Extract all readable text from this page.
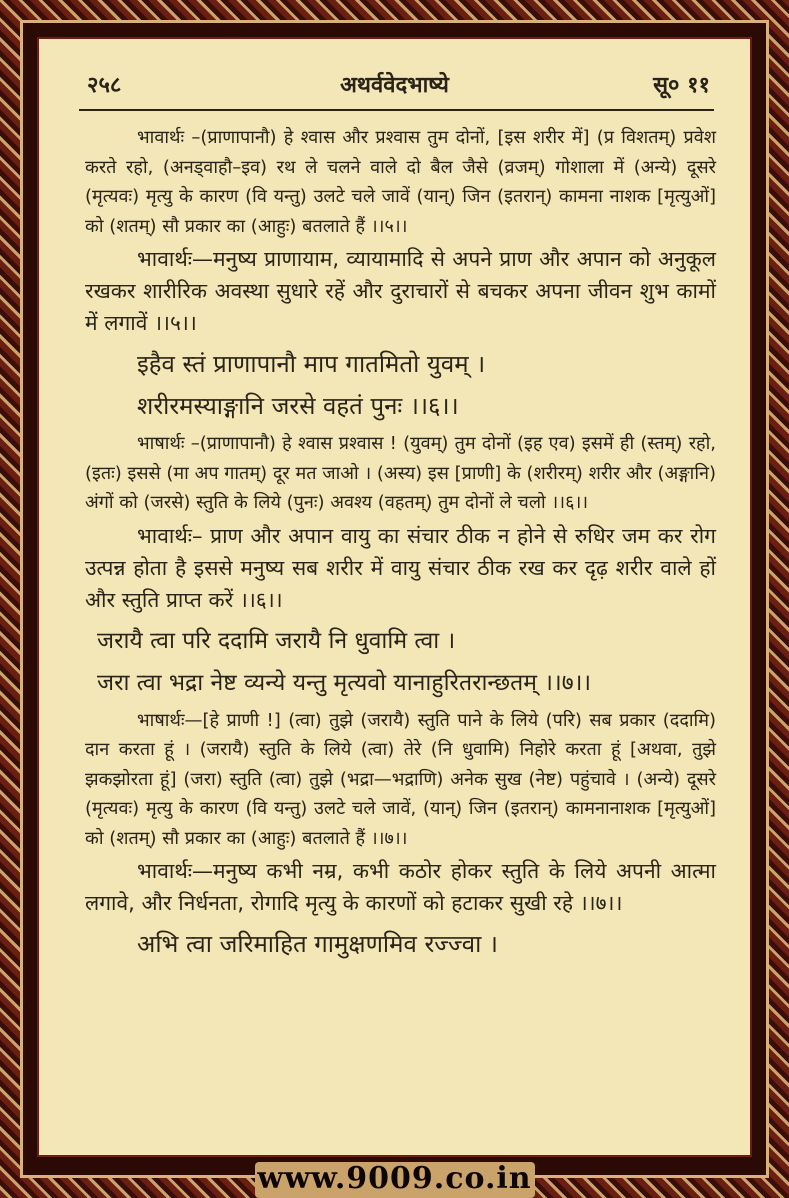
२५८	अथर्ववेदभाष्ये	सू० ११

भावार्थः –(प्राणापानौ) हे श्वास और प्रश्वास तुम दोनों, [इस शरीर में] (प्र विशतम्) प्रवेश करते रहो, (अनड्वाहौ–इव) रथ ले चलने वाले दो बैल जैसे (व्रजम्) गोशाला में (अन्ये) दूसरे (मृत्यवः) मृत्यु के कारण (वि यन्तु) उलटे चले जावें (यान्) जिन (इतरान्) कामना नाशक [मृत्युओं] को (शतम्) सौ प्रकार का (आहुः) बतलाते हैं ।।५।।

भावार्थः—मनुष्य प्राणायाम, व्यायामादि से अपने प्राण और अपान को अनुकूल रखकर शारीरिक अवस्था सुधारे रहें और दुराचारों से बचकर अपना जीवन शुभ कामों में लगावें ।।५।।

इहैव स्तं प्राणापानौ माप गातमितो युवम् ।
शरीरमस्याङ्गानि जरसे वहतं पुनः ।।६।।

भाषार्थः –(प्राणापानौ) हे श्वास प्रश्वास ! (युवम्) तुम दोनों (इह एव) इसमें ही (स्तम्) रहो, (इतः) इससे (मा अप गातम्) दूर मत जाओ । (अस्य) इस [प्राणी] के (शरीरम्) शरीर और (अङ्गानि) अंगों को (जरसे) स्तुति के लिये (पुनः) अवश्य (वहतम्) तुम दोनों ले चलो ।।६।।

भावार्थः– प्राण और अपान वायु का संचार ठीक न होने से रुधिर जम कर रोग उत्पन्न होता है इससे मनुष्य सब शरीर में वायु संचार ठीक रख कर दृढ़ शरीर वाले हों और स्तुति प्राप्त करें ।।६।।

जरायै त्वा परि ददामि जरायै नि धुवामि त्वा ।
जरा त्वा भद्रा नेष्ट व्यन्ये यन्तु मृत्यवो यानाहुरितरान्छतम् ।।७।।

भाषार्थः—[हे प्राणी !] (त्वा) तुझे (जरायै) स्तुति पाने के लिये (परि) सब प्रकार (ददामि) दान करता हूं । (जरायै) स्तुति के लिये (त्वा) तेरे (नि धुवामि) निहोरे करता हूं [अथवा, तुझे झकझोरता हूं] (जरा) स्तुति (त्वा) तुझे (भद्रा—भद्राणि) अनेक सुख (नेष्ट) पहुंचावे । (अन्ये) दूसरे (मृत्यवः) मृत्यु के कारण (वि यन्तु) उलटे चले जावें, (यान्) जिन (इतरान्) कामनानाशक [मृत्युओं] को (शतम्) सौ प्रकार का (आहुः) बतलाते हैं ।।७।।

भावार्थः—मनुष्य कभी नम्र, कभी कठोर होकर स्तुति के लिये अपनी आत्मा लगावे, और निर्धनता, रोगादि मृत्यु के कारणों को हटाकर सुखी रहे ।।७।।

अभि त्वा जरिमाहित गामुक्षणमिव रज्ज्वा ।
www.9009.co.in
